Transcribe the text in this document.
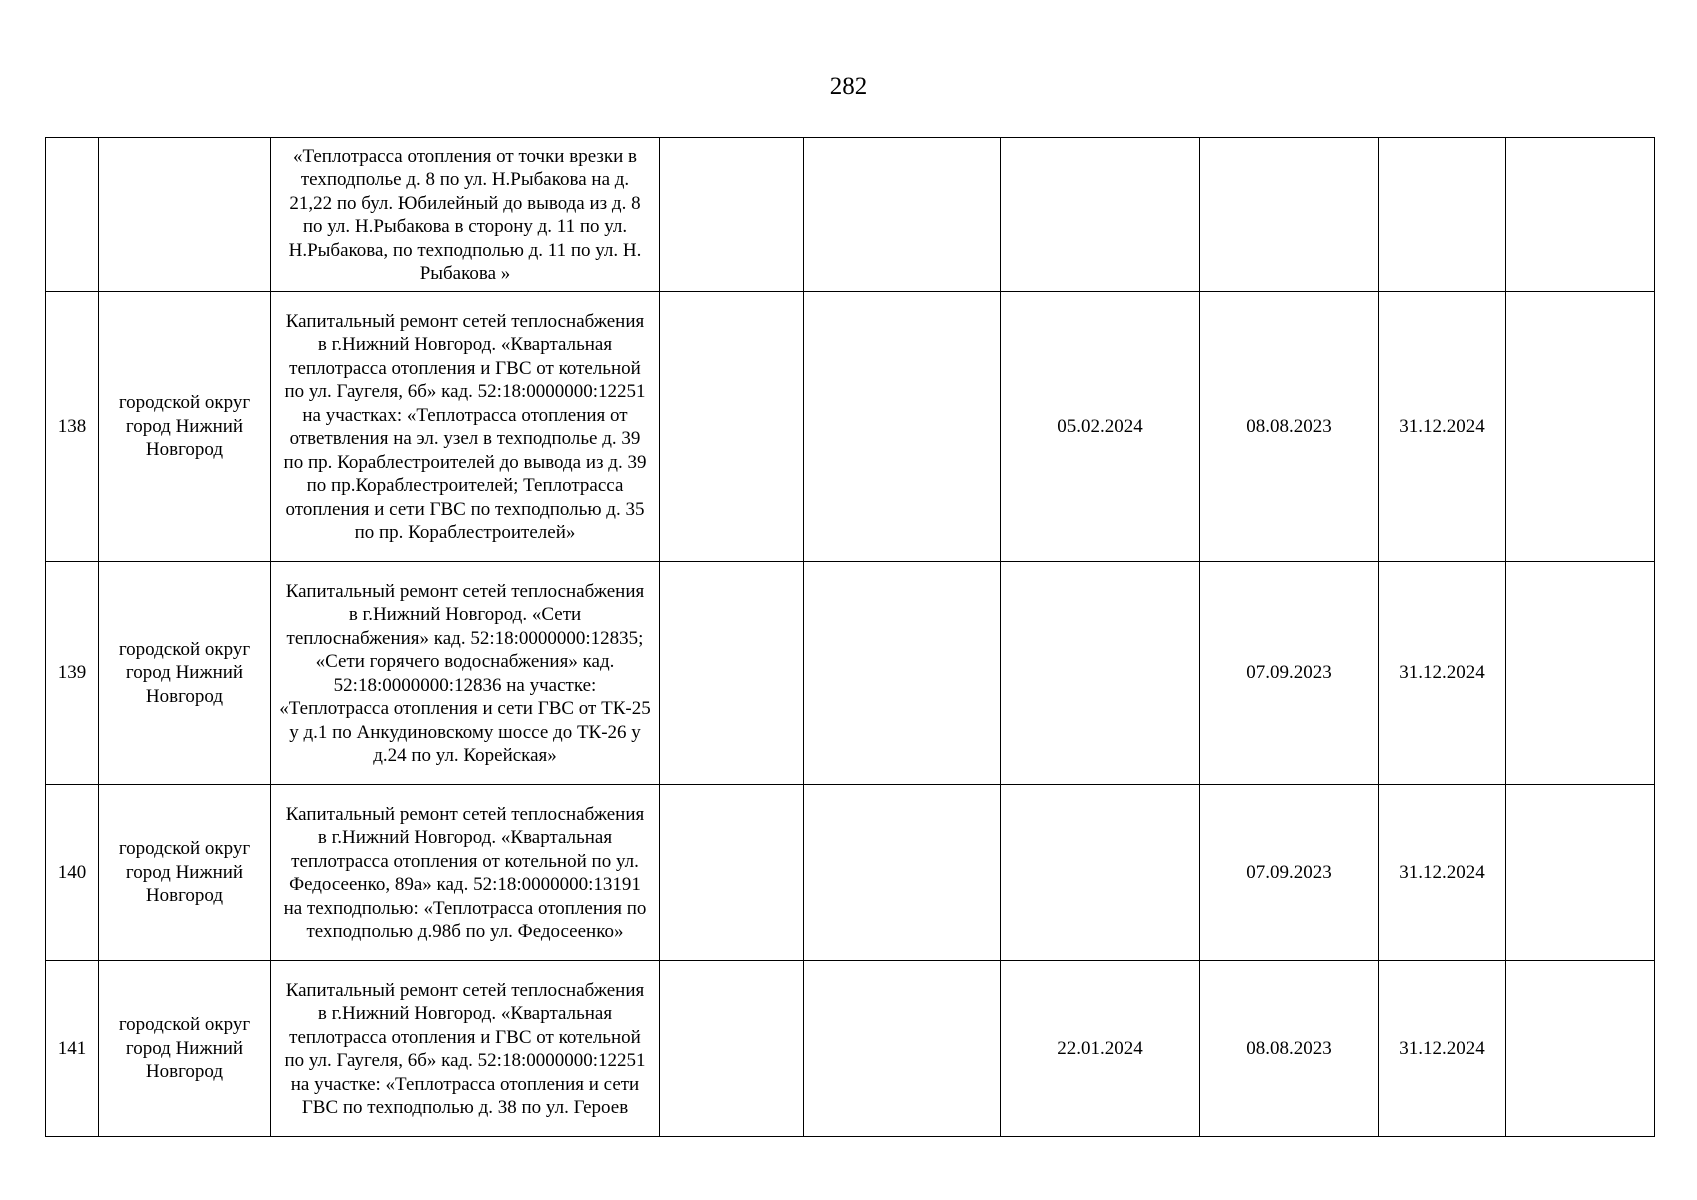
282
		«Теплотрасса отопления от точки врезки в техподполье д. 8 по ул. Н.Рыбакова на д. 21,22 по бул. Юбилейный до вывода из д. 8 по ул. Н.Рыбакова в сторону д. 11 по ул. Н.Рыбакова, по техподполью д. 11 по ул. Н. Рыбакова »						
138	городской округ город Нижний Новгород	Капитальный ремонт сетей теплоснабжения в г.Нижний Новгород. «Квартальная теплотрасса отопления и ГВС от котельной по ул. Гаугеля, 6б» кад. 52:18:0000000:12251 на участках: «Теплотрасса отопления от ответвления на эл. узел в техподполье д. 39 по пр. Кораблестроителей до вывода из д. 39 по пр.Кораблестроителей; Теплотрасса отопления и сети ГВС по техподполью д. 35 по пр. Кораблестроителей»			05.02.2024	08.08.2023	31.12.2024	
139	городской округ город Нижний Новгород	Капитальный ремонт сетей теплоснабжения в г.Нижний Новгород. «Сети теплоснабжения» кад. 52:18:0000000:12835; «Сети горячего водоснабжения» кад. 52:18:0000000:12836 на участке: «Теплотрасса отопления и сети ГВС от ТК-25 у д.1 по Анкудиновскому шоссе до ТК-26 у д.24 по ул. Корейская»				07.09.2023	31.12.2024	
140	городской округ город Нижний Новгород	Капитальный ремонт сетей теплоснабжения в г.Нижний Новгород. «Квартальная теплотрасса отопления от котельной по ул. Федосеенко, 89а» кад. 52:18:0000000:13191 на техподполью: «Теплотрасса отопления по техподполью д.98б по ул. Федосеенко»				07.09.2023	31.12.2024	
141	городской округ город Нижний Новгород	Капитальный ремонт сетей теплоснабжения в г.Нижний Новгород. «Квартальная теплотрасса отопления и ГВС от котельной по ул. Гаугеля, 6б» кад. 52:18:0000000:12251 на участке: «Теплотрасса отопления и сети ГВС по техподполью д. 38 по ул. Героев			22.01.2024	08.08.2023	31.12.2024	
